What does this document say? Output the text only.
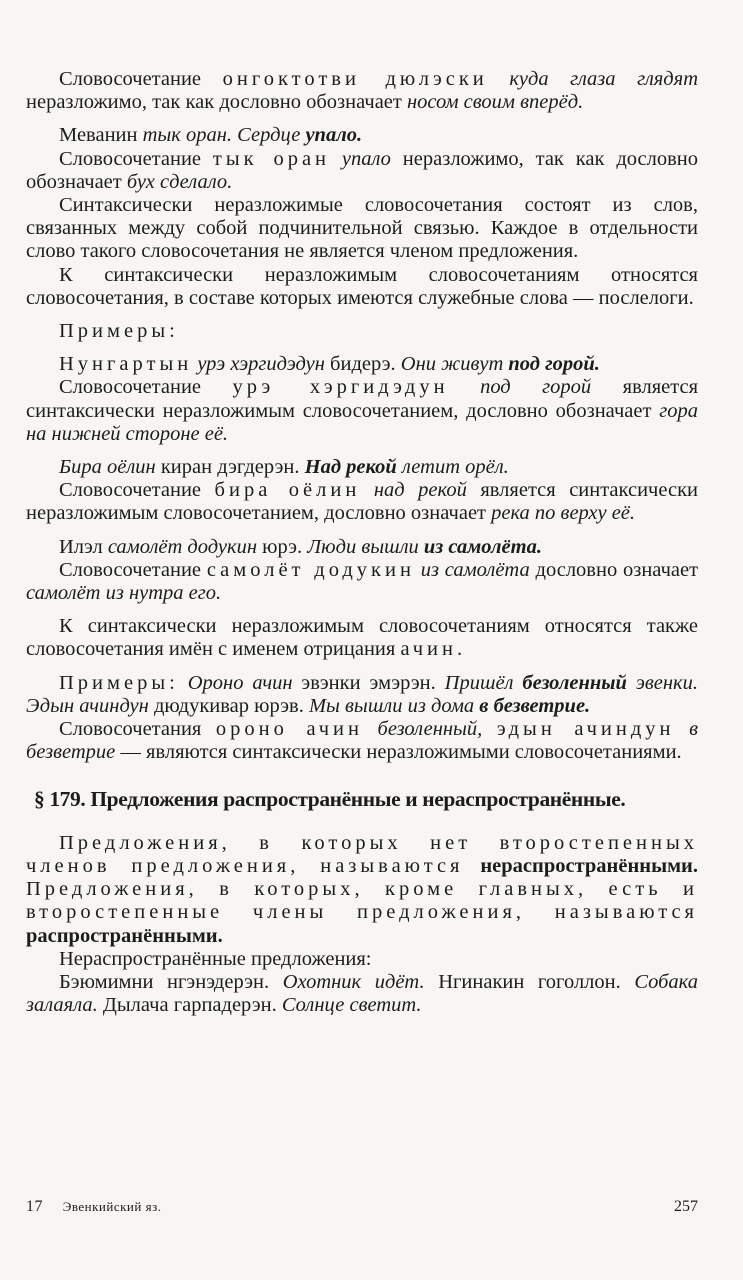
Словосочетание онгоктотви дюлэски куда глаза глядят неразложимо, так как дословно обозначает носом своим вперёд.
Меванин тык оран. Сердце упало.
Словосочетание тык оран упало неразложимо, так как дословно обозначает бух сделало.
Синтаксически неразложимые словосочетания состоят из слов, связанных между собой подчинительной связью. Каждое в отдельности слово такого словосочетания не является членом предложения.
К синтаксически неразложимым словосочетаниям относятся словосочетания, в составе которых имеются служебные слова — послелоги.
Примеры:
Нунгартын урэ хэргидэдун бидерэ. Они живут под горой.
Словосочетание урэ хэргидэдун под горой является синтаксически неразложимым словосочетанием, дословно обозначает гора на нижней стороне её.
Бира оёлин киран дэгдерэн. Над рекой летит орёл.
Словосочетание бира оёлин над рекой является синтаксически неразложимым словосочетанием, дословно означает река по верху её.
Илэл самолёт додукин юрэ. Люди вышли из самолёта.
Словосочетание самолёт додукин из самолёта дословно означает самолёт из нутра его.
К синтаксически неразложимым словосочетаниям относятся также словосочетания имён с именем отрицания ачин.
Примеры: Ороно ачин эвэнки эмэрэн. Пришёл безоленный эвенки. Эдын ачиндун дюдукивар юрэв. Мы вышли из дома в безветрие.
Словосочетания ороно ачин безоленный, эдын ачиндун в безветрие — являются синтаксически неразложимыми словосочетаниями.
§ 179. Предложения распространённые и нераспространённые.
Предложения, в которых нет второстепенных членов предложения, называются нераспространёнными. Предложения, в которых, кроме главных, есть и второстепенные члены предложения, называются распространёнными.
Нераспространённые предложения:
Бэюмимни нгэнэдерэн. Охотник идёт. Нгинакин гоголлон. Собака залаяла. Дылача гарпадерэн. Солнце светит.
17 Эвенкийский яз.	257
